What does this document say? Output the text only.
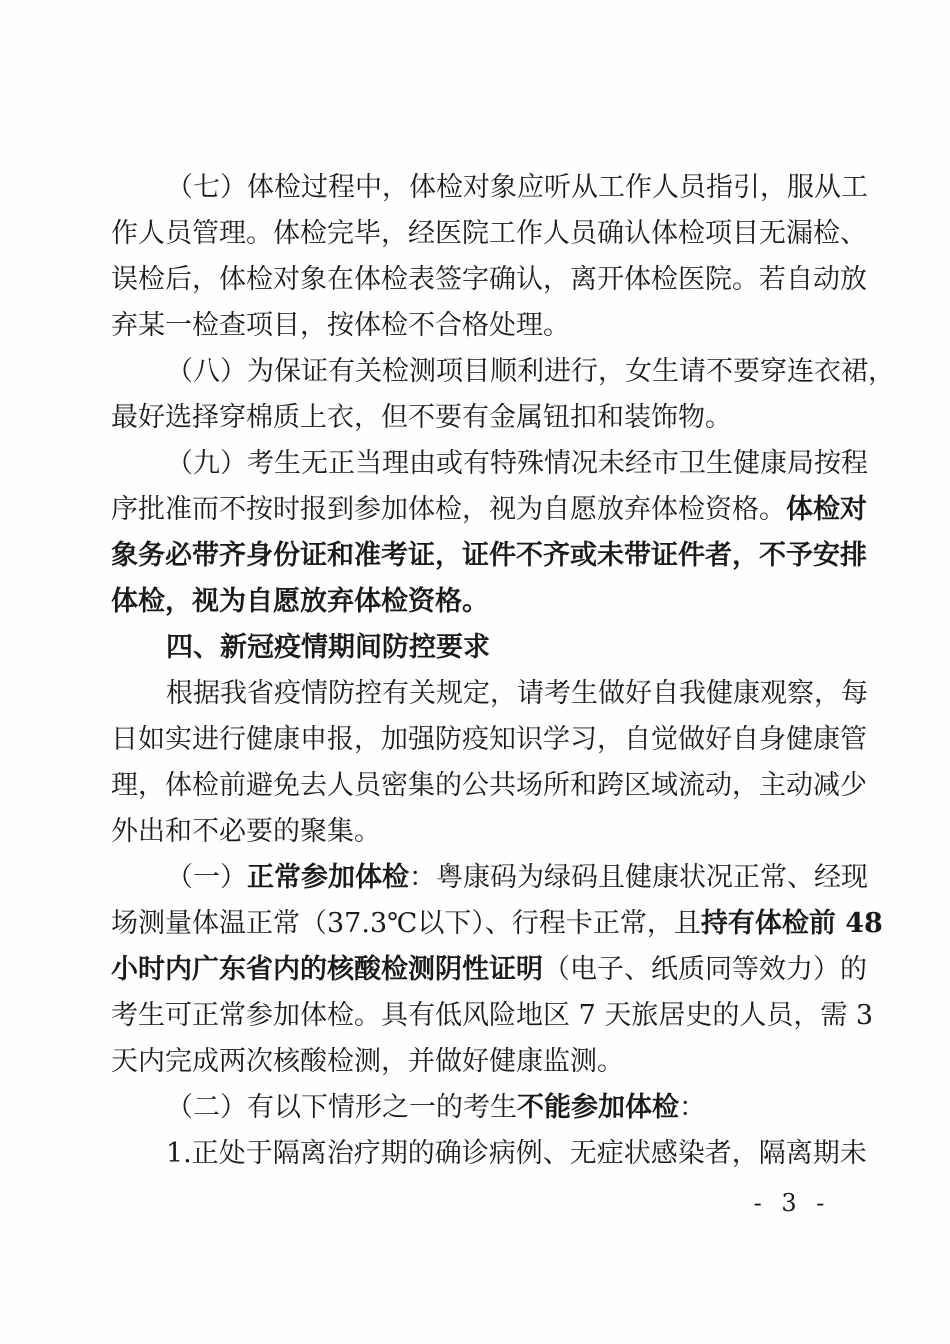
（七）体检过程中，体检对象应听从工作人员指引，服从工
作人员管理。体检完毕，经医院工作人员确认体检项目无漏检、
误检后，体检对象在体检表签字确认，离开体检医院。若自动放
弃某一检查项目，按体检不合格处理。
（八）为保证有关检测项目顺利进行，女生请不要穿连衣裙，
最好选择穿棉质上衣，但不要有金属钮扣和装饰物。
（九）考生无正当理由或有特殊情况未经市卫生健康局按程
序批准而不按时报到参加体检，视为自愿放弃体检资格。体检对
象务必带齐身份证和准考证，证件不齐或未带证件者，不予安排
体检，视为自愿放弃体检资格。
四、新冠疫情期间防控要求
根据我省疫情防控有关规定，请考生做好自我健康观察，每
日如实进行健康申报，加强防疫知识学习，自觉做好自身健康管
理，体检前避免去人员密集的公共场所和跨区域流动，主动减少
外出和不必要的聚集。
（一）正常参加体检：粤康码为绿码且健康状况正常、经现
场测量体温正常（37.3℃以下）、行程卡正常，且持有体检前 48
小时内广东省内的核酸检测阴性证明（电子、纸质同等效力）的
考生可正常参加体检。具有低风险地区 7 天旅居史的人员，需 3
天内完成两次核酸检测，并做好健康监测。
（二）有以下情形之一的考生不能参加体检：
1.正处于隔离治疗期的确诊病例、无症状感染者，隔离期未
- 3 -
